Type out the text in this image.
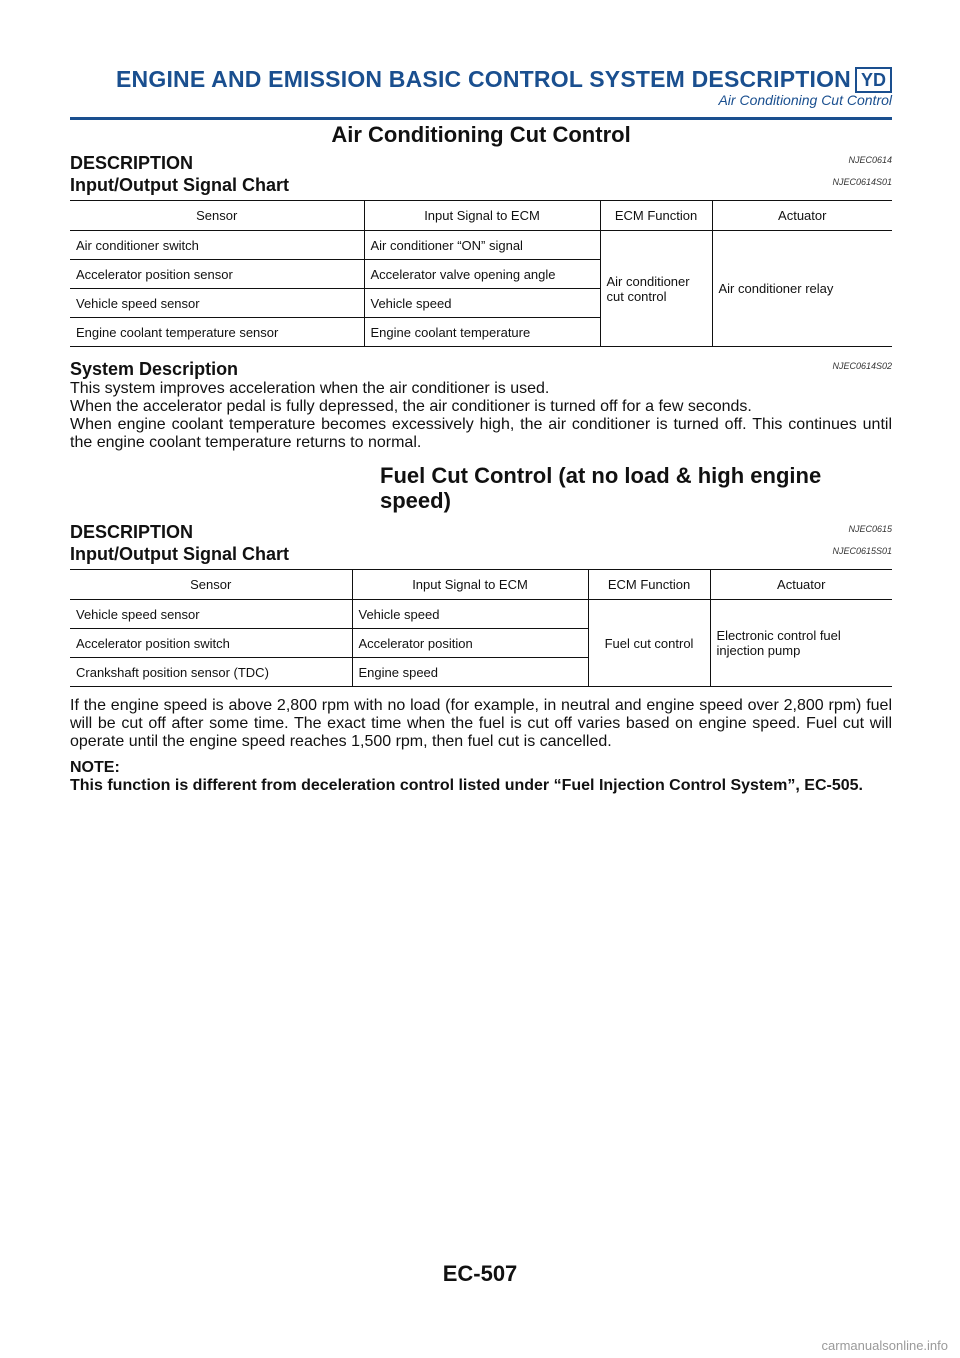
ENGINE AND EMISSION BASIC CONTROL SYSTEM DESCRIPTION YD
Air Conditioning Cut Control
Air Conditioning Cut Control
DESCRIPTION	NJEC0614
Input/Output Signal Chart	NJEC0614S01
Sensor	Input Signal to ECM	ECM Function	Actuator
Air conditioner switch	Air conditioner “ON” signal	Air conditioner cut control	Air conditioner relay
Accelerator position sensor	Accelerator valve opening angle		
Vehicle speed sensor	Vehicle speed		
Engine coolant temperature sensor	Engine coolant temperature		
System Description	NJEC0614S02

This system improves acceleration when the air conditioner is used.

When the accelerator pedal is fully depressed, the air conditioner is turned off for a few seconds.

When engine coolant temperature becomes excessively high, the air conditioner is turned off. This continues until the engine coolant temperature returns to normal.

Fuel Cut Control (at no load & high engine
speed)
DESCRIPTION	NJEC0615
Input/Output Signal Chart	NJEC0615S01
Sensor	Input Signal to ECM	ECM Function	Actuator
Vehicle speed sensor	Vehicle speed	Fuel cut control	Electronic control fuel injection pump
Accelerator position switch	Accelerator position		
Crankshaft position sensor (TDC)	Engine speed		

If the engine speed is above 2,800 rpm with no load (for example, in neutral and engine speed over 2,800 rpm) fuel will be cut off after some time. The exact time when the fuel is cut off varies based on engine speed. Fuel cut will operate until the engine speed reaches 1,500 rpm, then fuel cut is cancelled.

NOTE:

This function is different from deceleration control listed under “Fuel Injection Control System”, EC-505.

EC-507
carmanualsonline.info
